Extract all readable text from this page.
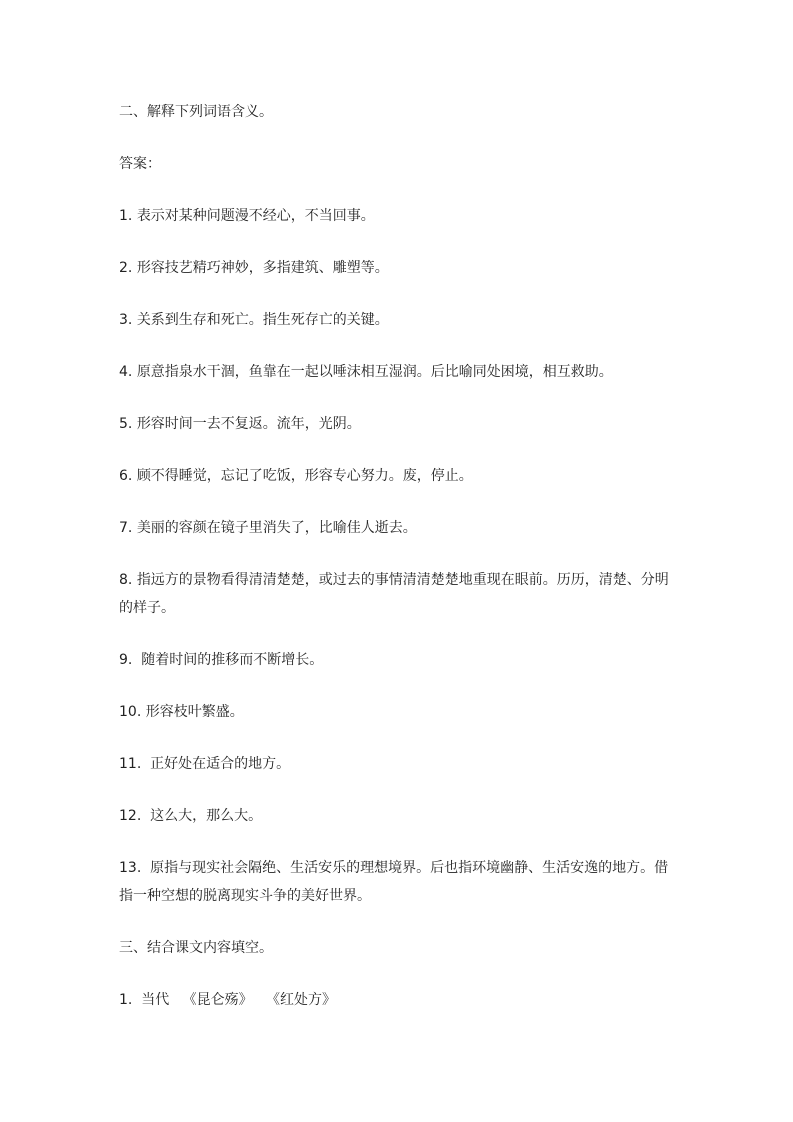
二、解释下列词语含义。

答案：

1. 表示对某种问题漫不经心，不当回事。

2. 形容技艺精巧神妙，多指建筑、雕塑等。

3. 关系到生存和死亡。指生死存亡的关键。

4. 原意指泉水干涸，鱼靠在一起以唾沫相互湿润。后比喻同处困境，相互救助。

5. 形容时间一去不复返。流年，光阴。

6. 顾不得睡觉，忘记了吃饭，形容专心努力。废，停止。

7. 美丽的容颜在镜子里消失了，比喻佳人逝去。

8. 指远方的景物看得清清楚楚，或过去的事情清清楚楚地重现在眼前。历历，清楚、分明的样子。

9.  随着时间的推移而不断增长。

10. 形容枝叶繁盛。

11.  正好处在适合的地方。

12.  这么大，那么大。

13.  原指与现实社会隔绝、生活安乐的理想境界。后也指环境幽静、生活安逸的地方。借指一种空想的脱离现实斗争的美好世界。

三、结合课文内容填空。

1.  当代   《昆仑殇》   《红处方》
